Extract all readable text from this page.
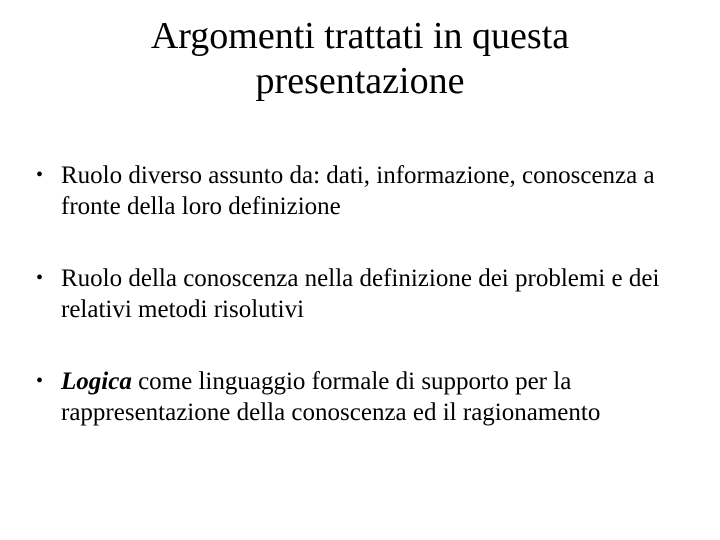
Argomenti trattati in questa
presentazione
• Ruolo diverso assunto da: dati, informazione, conoscenza a fronte della loro definizione
• Ruolo della conoscenza nella definizione dei problemi e dei relativi metodi risolutivi
• Logica come linguaggio formale di supporto per la rappresentazione della conoscenza ed il ragionamento
